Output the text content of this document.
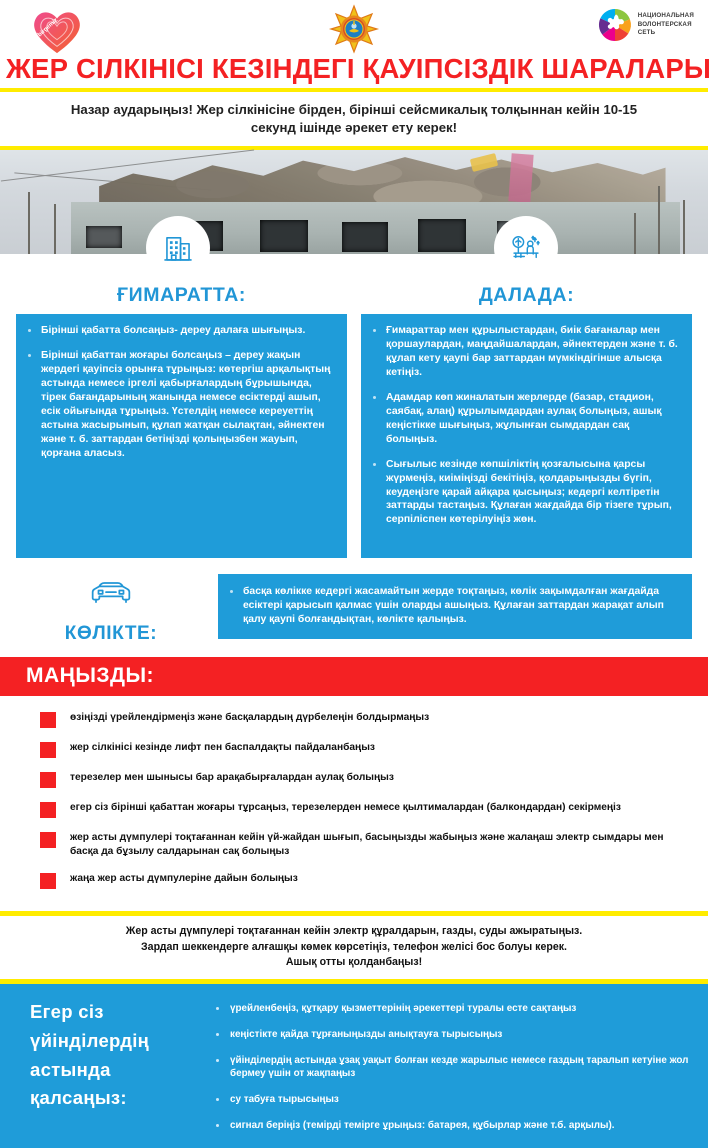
birgemiz
НАЦИОНАЛЬНАЯ
ВОЛОНТЕРСКАЯ
СЕТЬ
ЖЕР СІЛКІНІСІ КЕЗІНДЕГІ ҚАУІПСІЗДІК ШАРАЛАРЫ
Назар аударыңыз! Жер сілкінісіне бірден, бірінші сейсмикалық толқыннан кейін 10-15 секунд ішінде әрекет ету керек!
ҒИМАРАТТА:
Бірінші қабатта болсаңыз- дереу далаға шығыңыз.
Бірінші қабаттан жоғары болсаңыз – дереу жақын жердегі қауіпсіз орынға тұрыңыз: көтергіш арқалықтың астында немесе іргелі қабырғалардың бұрышында, тірек бағандарының жанында немесе есіктерді ашып, есік ойығында тұрыңыз. Үстелдің немесе кереуеттің астына жасырынып, құлап жатқан сылақтан, әйнектен және т. б. заттардан бетіңізді қолыңызбен жауып, қорғана аласыз.
ДАЛАДА:
Ғимараттар мен құрылыстардан, биік бағаналар мен қоршаулардан, маңдайшалардан, әйнектерден және т. б. құлап кету қаупі бар заттардан мүмкіндігінше алысқа кетіңіз.
Адамдар көп жиналатын жерлерде (базар, стадион, саябақ, алаң) құрылымдардан аулақ болыңыз, ашық кеңістікке шығыңыз, жұлынған сымдардан сақ болыңыз.
Сығылыс кезінде көпшіліктің қозғалысына қарсы жүрмеңіз, киіміңізді бекітіңіз, қолдарыңызды бүгіп, кеудеңізге қарай айқара қысыңыз; кедергі келтіретін заттарды тастаңыз. Құлаған жағдайда бір тізеге тұрып, серпіліспен көтерілуіңіз жөн.
КӨЛІКТЕ:
басқа көлікке кедергі жасамайтын жерде тоқтаңыз, көлік зақымдалған жағдайда есіктері қарысып қалмас үшін оларды ашыңыз. Құлаған заттардан жарақат алып қалу қаупі болғандықтан, көлікте қалыңыз.
МАҢЫЗДЫ:
өзіңізді үрейлендірмеңіз және басқалардың дүрбелеңін болдырмаңыз
жер сілкінісі кезінде лифт пен баспалдақты пайдаланбаңыз
терезелер мен шынысы бар арақабырғалардан аулақ болыңыз
егер сіз бірінші қабаттан жоғары тұрсаңыз, терезелерден немесе қылтималардан (балкондардан) секірмеңіз
жер асты дүмпулері тоқтағаннан кейін үй-жайдан шығып, басыңызды жабыңыз және жалаңаш электр сымдары мен басқа да бұзылу салдарынан сақ болыңыз
жаңа жер асты дүмпулеріне дайын болыңыз
Жер асты дүмпулері тоқтағаннан кейін электр құралдарын, газды, суды ажыратыңыз.
Зардап шеккендерге алғашқы көмек көрсетіңіз, телефон желісі бос болуы керек.
Ашық отты қолданбаңыз!
Егер сіз үйінділердің астында қалсаңыз:
үрейленбеңіз, құтқару қызметтерінің әрекеттері туралы есте сақтаңыз
кеңістікте қайда тұрғаныңызды анықтауға тырысыңыз
үйінділердің астында ұзақ уақыт болған кезде жарылыс немесе газдың таралып кетуіне жол бермеу үшін от жақпаңыз
су табуға тырысыңыз
сигнал беріңіз (темірді теміргe ұрыңыз: батарея, құбырлар және т.б. арқылы).
